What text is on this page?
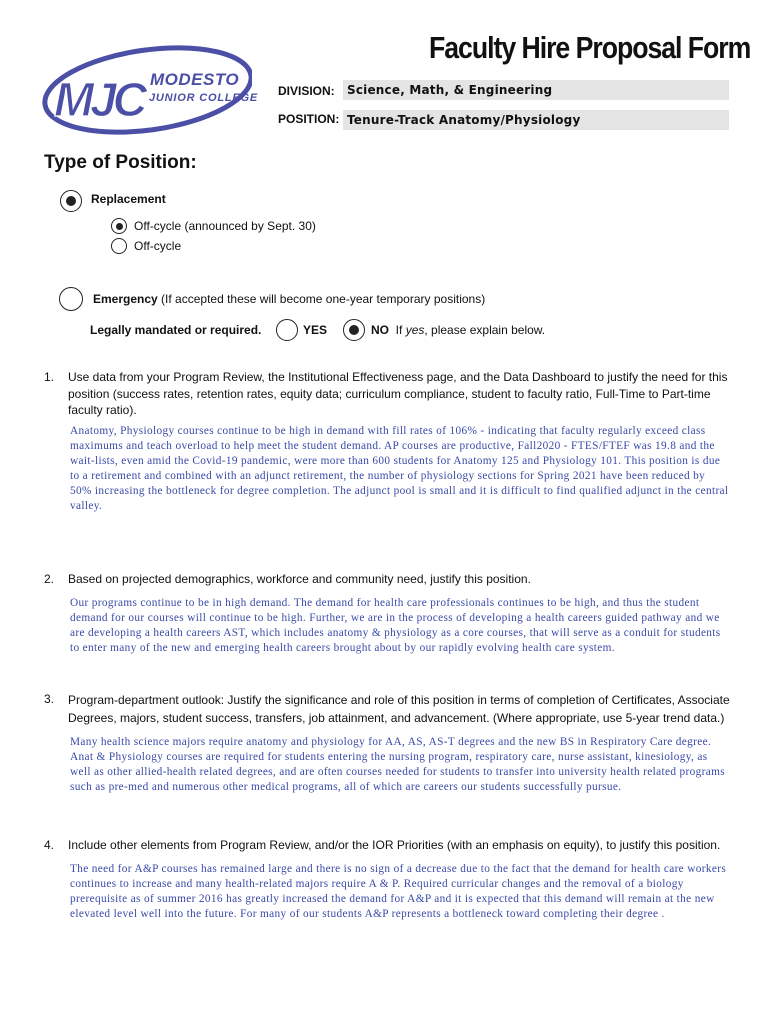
Faculty Hire Proposal Form
MJC MODESTO
JUNIOR COLLEGE DIVISION:	Science, Math, & Engineering
POSITION: Tenure-Track Anatomy/Physiology
Type of Position:
Replacement
Off-cycle (announced by Sept. 30)
Off-cycle
Emergency (If accepted these will become one-year temporary positions)
Legally mandated or required.	YES	NO If yes, please explain below.
1. Use data from your Program Review, the Institutional Effectiveness page, and the Data Dashboard to justify the need for this position (success rates, retention rates, equity data; curriculum compliance, student to faculty ratio, Full-Time to Part-time faculty ratio).
Anatomy, Physiology courses continue to be high in demand with fill rates of 106% - indicating that faculty regularly exceed class maximums and teach overload to help meet the student demand. AP courses are productive, Fall2020 - FTES/FTEF was 19.8 and the wait-lists, even amid the Covid-19 pandemic, were more than 600 students for Anatomy 125 and Physiology 101. This position is due to a retirement and combined with an adjunct retirement, the number of physiology sections for Spring 2021 have been reduced by 50% increasing the bottleneck for degree completion. The adjunct pool is small and it is difficult to find qualified adjunct in the central valley.
2. Based on projected demographics, workforce and community need, justify this position.
Our programs continue to be in high demand. The demand for health care professionals continues to be high, and thus the student demand for our courses will continue to be high. Further, we are in the process of developing a health careers guided pathway and we are developing a health careers AST, which includes anatomy & physiology as a core courses, that will serve as a conduit for students to enter many of the new and emerging health careers brought about by our rapidly evolving health care system.
3. Program-department outlook: Justify the significance and role of this position in terms of completion of Certificates, Associate Degrees, majors, student success, transfers, job attainment, and advancement. (Where appropriate, use 5-year trend data.)
Many health science majors require anatomy and physiology for AA, AS, AS-T degrees and the new BS in Respiratory Care degree. Anat & Physiology courses are required for students entering the nursing program, respiratory care, nurse assistant, kinesiology, as well as other allied-health related degrees, and are often courses needed for students to transfer into university health related programs such as pre-med and numerous other medical programs, all of which are careers our students successfully pursue.
4. Include other elements from Program Review, and/or the IOR Priorities (with an emphasis on equity), to justify this position.
The need for A&P courses has remained large and there is no sign of a decrease due to the fact that the demand for health care workers continues to increase and many health-related majors require A & P. Required curricular changes and the removal of a biology prerequisite as of summer 2016 has greatly increased the demand for A&P and it is expected that this demand will remain at the new elevated level well into the future. For many of our students A&P represents a bottleneck toward completing their degree .
